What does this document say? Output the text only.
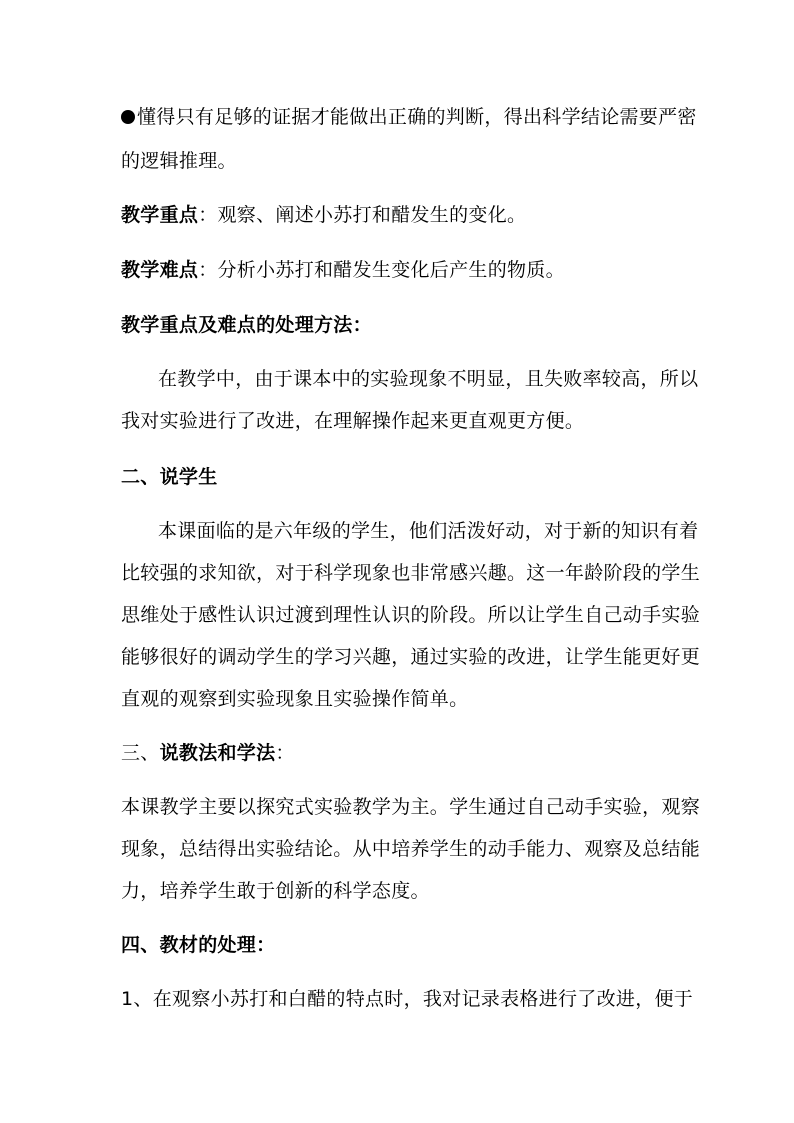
懂得只有足够的证据才能做出正确的判断，得出科学结论需要严密
的逻辑推理。
教学重点：观察、阐述小苏打和醋发生的变化。
教学难点：分析小苏打和醋发生变化后产生的物质。
教学重点及难点的处理方法：
在教学中，由于课本中的实验现象不明显，且失败率较高，所以
我对实验进行了改进，在理解操作起来更直观更方便。
二、说学生
本课面临的是六年级的学生，他们活泼好动，对于新的知识有着
比较强的求知欲，对于科学现象也非常感兴趣。这一年龄阶段的学生
思维处于感性认识过渡到理性认识的阶段。所以让学生自己动手实验
能够很好的调动学生的学习兴趣，通过实验的改进，让学生能更好更
直观的观察到实验现象且实验操作简单。
三、说教法和学法：
本课教学主要以探究式实验教学为主。学生通过自己动手实验，观察
现象，总结得出实验结论。从中培养学生的动手能力、观察及总结能
力，培养学生敢于创新的科学态度。
四、教材的处理：
1、在观察小苏打和白醋的特点时，我对记录表格进行了改进，便于
